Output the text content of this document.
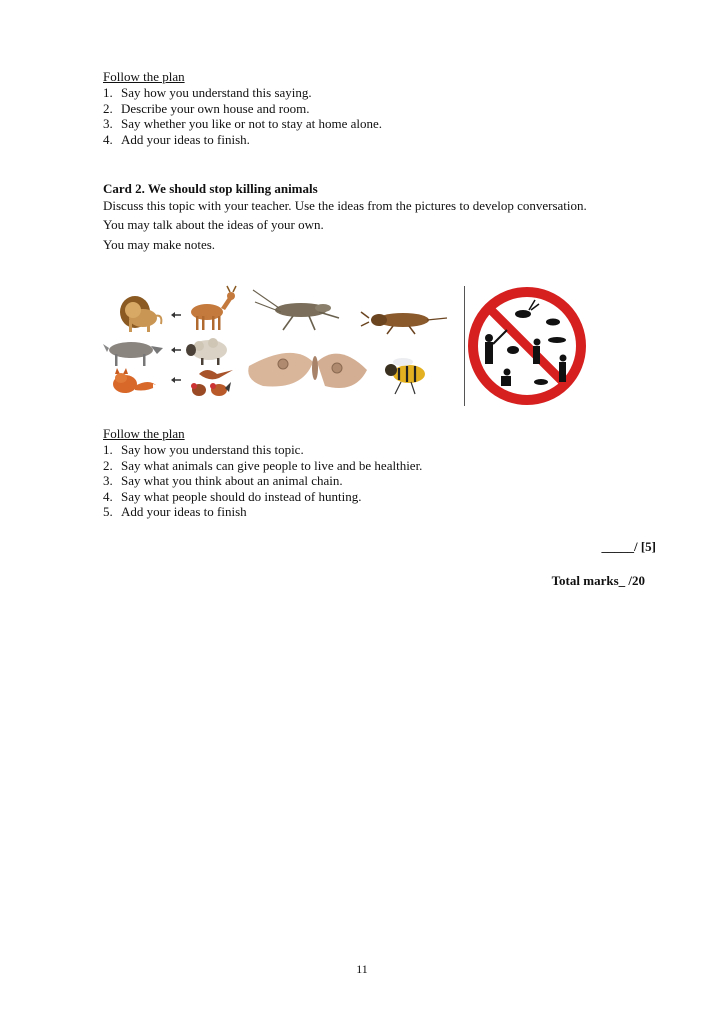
Follow the plan
1. Say how you understand this saying.
2. Describe your own house and room.
3. Say whether you like or not to stay at home alone.
4. Add your ideas to finish.
Card 2. We should stop killing animals
Discuss this topic with your teacher. Use the ideas from the pictures to develop conversation.
You may talk about the ideas of your own.
You may make notes.
Follow the plan
1. Say how you understand this topic.
2. Say what animals can give people to live and be healthier.
3. Say what you think about an animal chain.
4. Say what people should do instead of hunting.
5. Add your ideas to finish
_____/ [5]
Total marks_ /20
11
